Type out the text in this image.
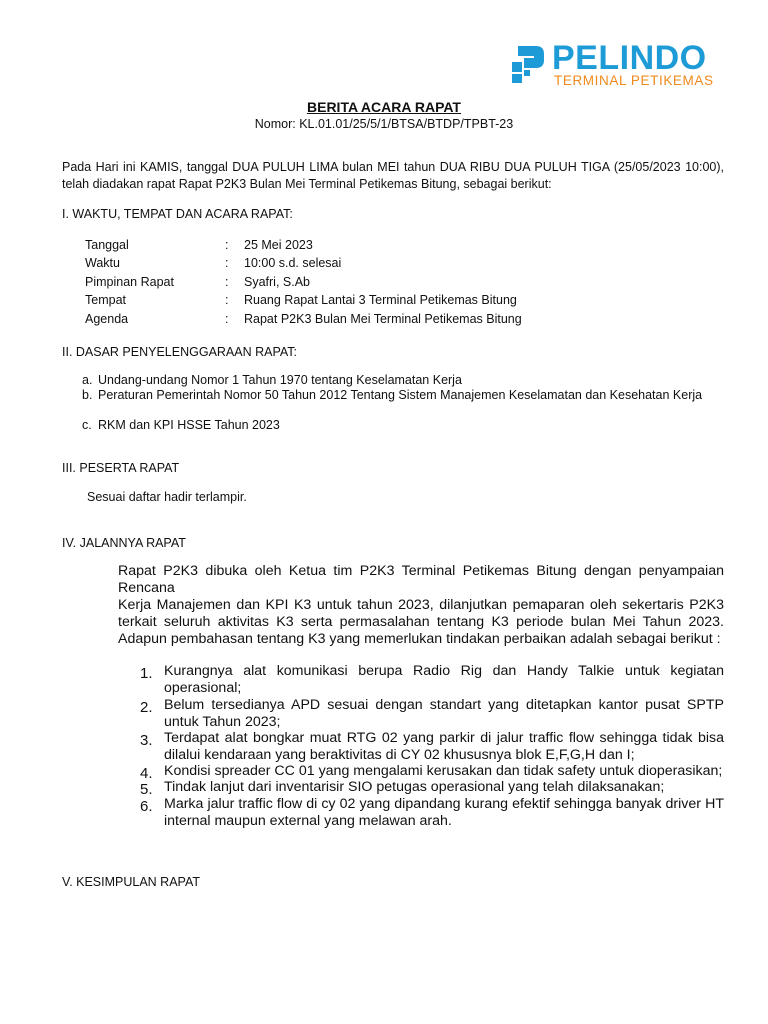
PELINDO
TERMINAL PETIKEMAS
BERITA ACARA RAPAT
Nomor: KL.01.01/25/5/1/BTSA/BTDP/TPBT-23
Pada Hari ini KAMIS, tanggal DUA PULUH LIMA bulan MEI tahun DUA RIBU DUA PULUH TIGA (25/05/2023 10:00), telah diadakan rapat Rapat P2K3 Bulan Mei Terminal Petikemas Bitung, sebagai berikut:
I. WAKTU, TEMPAT DAN ACARA RAPAT:
Tanggal	:	25 Mei 2023
Waktu	:	10:00 s.d. selesai
Pimpinan Rapat	:	Syafri, S.Ab
Tempat	:	Ruang Rapat Lantai 3 Terminal Petikemas Bitung
Agenda	:	Rapat P2K3 Bulan Mei Terminal Petikemas Bitung
II. DASAR PENYELENGGARAAN RAPAT:
a. Undang-undang Nomor 1 Tahun 1970 tentang Keselamatan Kerja
b. Peraturan Pemerintah Nomor 50 Tahun 2012 Tentang Sistem Manajemen Keselamatan dan Kesehatan Kerja
c. RKM dan KPI HSSE Tahun 2023
III. PESERTA RAPAT
Sesuai daftar hadir terlampir.
IV. JALANNYA RAPAT
Rapat P2K3 dibuka oleh Ketua tim P2K3 Terminal Petikemas Bitung dengan penyampaian Rencana
Kerja Manajemen dan KPI K3 untuk tahun 2023, dilanjutkan pemaparan oleh sekertaris P2K3 terkait seluruh aktivitas K3 serta permasalahan tentang K3 periode bulan Mei Tahun 2023. Adapun pembahasan tentang K3 yang memerlukan tindakan perbaikan adalah sebagai berikut :
1. Kurangnya alat komunikasi berupa Radio Rig dan Handy Talkie untuk kegiatan operasional;
2. Belum tersedianya APD sesuai dengan standart yang ditetapkan kantor pusat SPTP untuk Tahun 2023;
3. Terdapat alat bongkar muat RTG 02 yang parkir di jalur traffic flow sehingga tidak bisa dilalui kendaraan yang beraktivitas di CY 02 khususnya blok E,F,G,H dan I;
4. Kondisi spreader CC 01 yang mengalami kerusakan dan tidak safety untuk dioperasikan;
5. Tindak lanjut dari inventarisir SIO petugas operasional yang telah dilaksanakan;
6. Marka jalur traffic flow di cy 02 yang dipandang kurang efektif sehingga banyak driver HT internal maupun external yang melawan arah.
V. KESIMPULAN RAPAT
